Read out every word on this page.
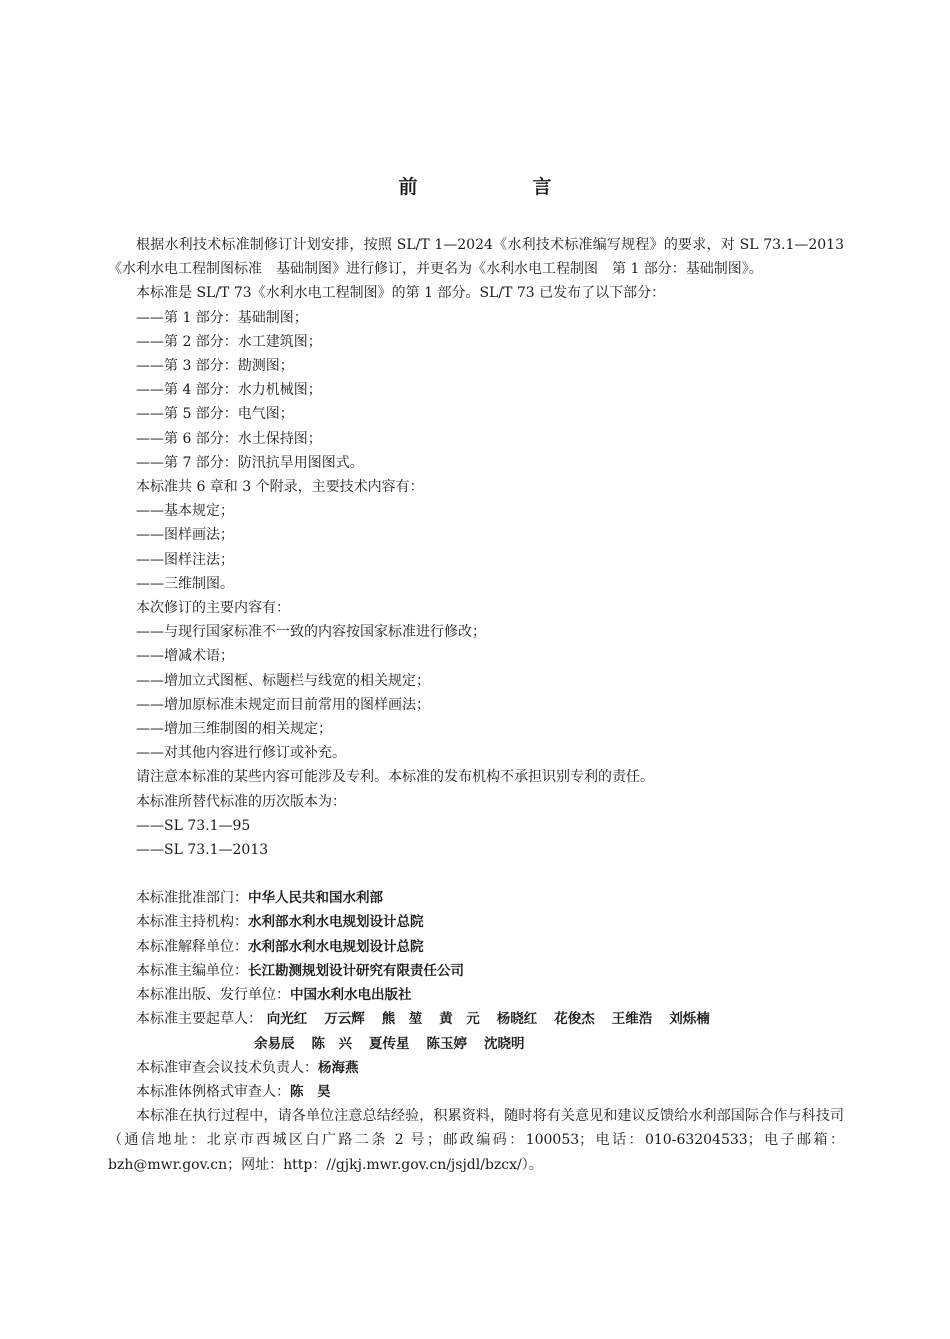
前　言

根据水利技术标准制修订计划安排，按照 SL/T 1—2024《水利技术标准编写规程》的要求，对 SL 73.1—2013《水利水电工程制图标准　基础制图》进行修订，并更名为《水利水电工程制图　第 1 部分：基础制图》。

本标准是 SL/T 73《水利水电工程制图》的第 1 部分。SL/T 73 已发布了以下部分：

——第 1 部分：基础制图；

——第 2 部分：水工建筑图；

——第 3 部分：勘测图；

——第 4 部分：水力机械图；

——第 5 部分：电气图；

——第 6 部分：水土保持图；

——第 7 部分：防汛抗旱用图图式。

本标准共 6 章和 3 个附录，主要技术内容有：

——基本规定；

——图样画法；

——图样注法；

——三维制图。

本次修订的主要内容有：

——与现行国家标准不一致的内容按国家标准进行修改；

——增减术语；

——增加立式图框、标题栏与线宽的相关规定；

——增加原标准未规定而目前常用的图样画法；

——增加三维制图的相关规定；

——对其他内容进行修订或补充。

请注意本标准的某些内容可能涉及专利。本标准的发布机构不承担识别专利的责任。

本标准所替代标准的历次版本为：

——SL 73.1—95

——SL 73.1—2013

本标准批准部门：中华人民共和国水利部

本标准主持机构：水利部水利水电规划设计总院

本标准解释单位：水利部水利水电规划设计总院

本标准主编单位：长江勘测规划设计研究有限责任公司

本标准出版、发行单位：中国水利水电出版社

本标准主要起草人： 向光红 万云辉 熊　堃 黄　元 杨晓红 花俊杰 王维浩 刘烁楠

余易辰 陈　兴 夏传星 陈玉婷 沈晓明

本标准审查会议技术负责人：杨海燕

本标准体例格式审查人：陈　昊

本标准在执行过程中，请各单位注意总结经验，积累资料，随时将有关意见和建议反馈给水利部国际合作与科技司（通信地址：北京市西城区白广路二条 2 号；邮政编码：100053；电话：010-63204533；电子邮箱：bzh@mwr.gov.cn；网址：http：//gjkj.mwr.gov.cn/jsjdl/bzcx/）。
